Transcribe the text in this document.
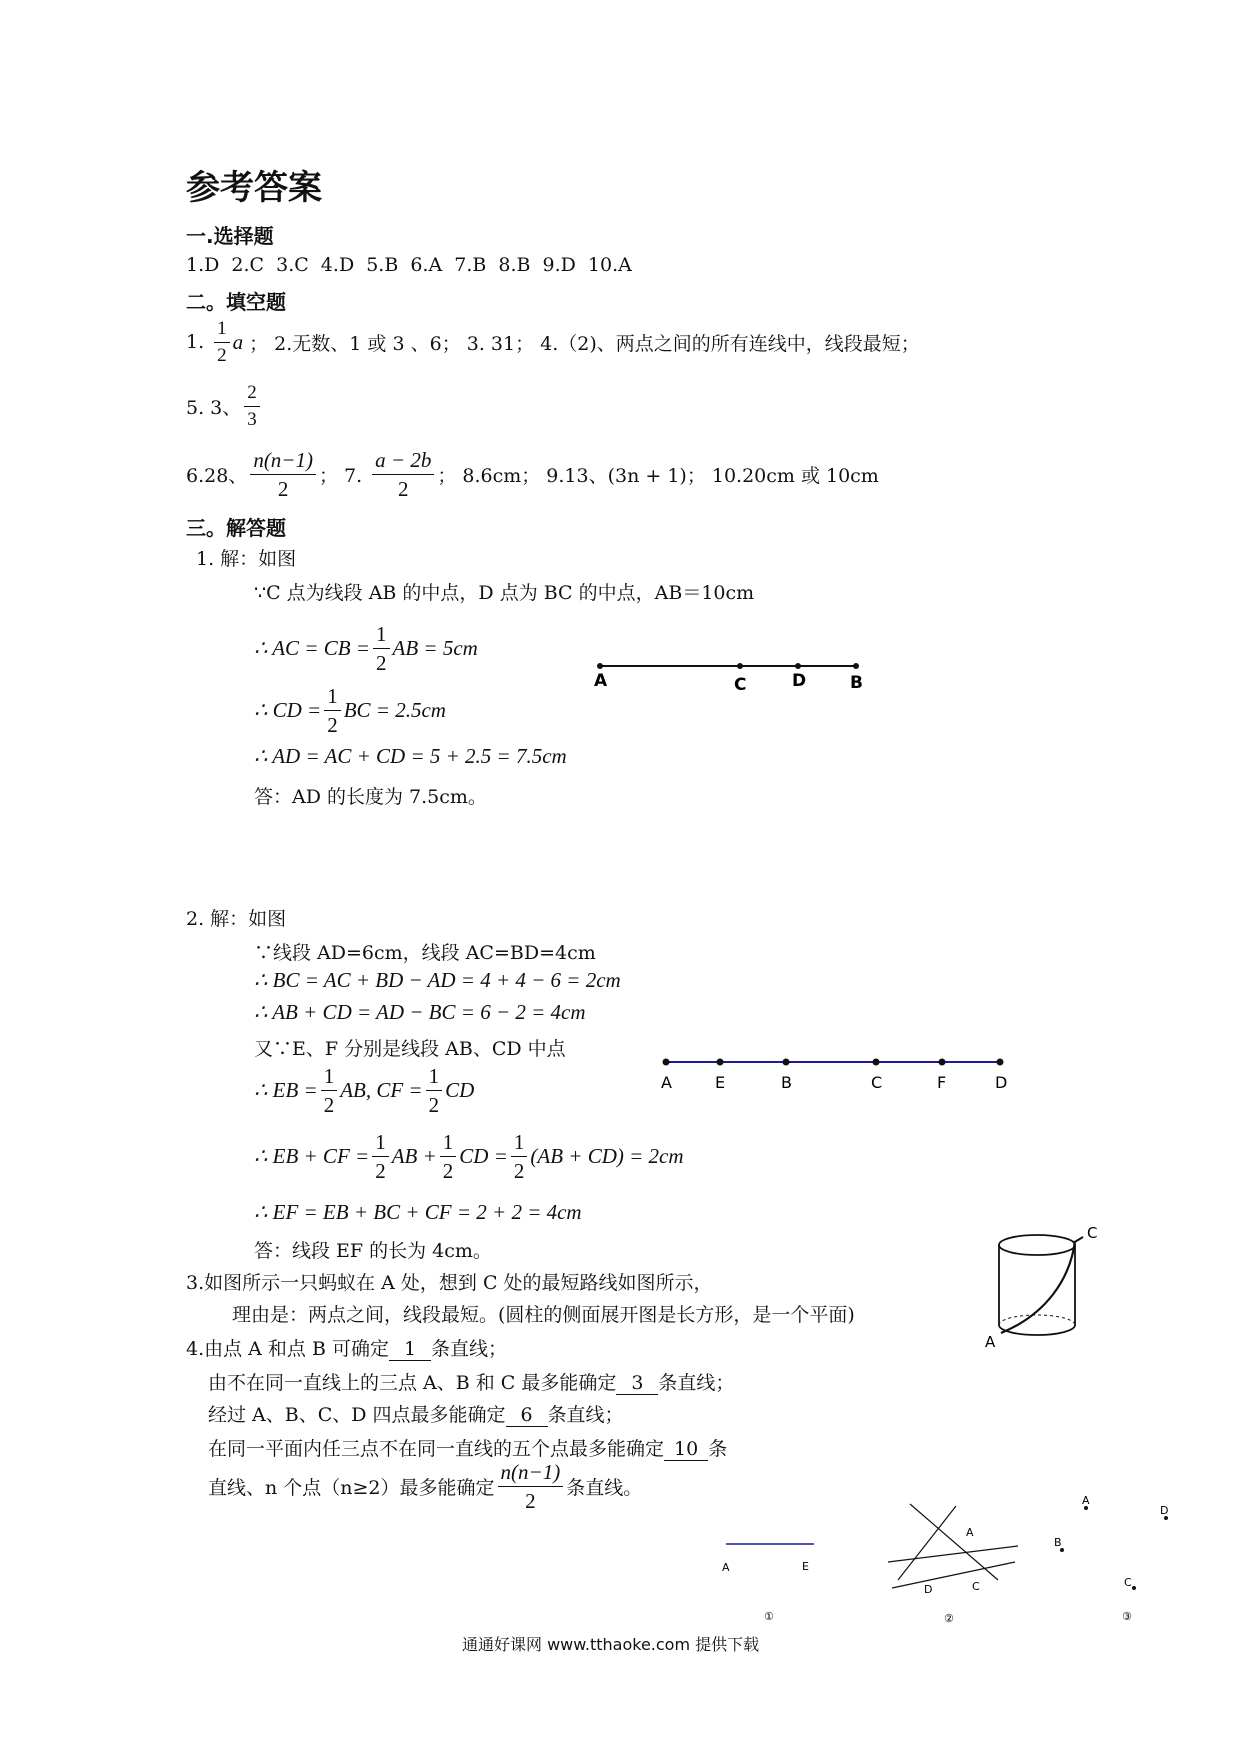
参考答案
一.选择题
1.D 2.C 3.C 4.D 5.B 6.A 7.B 8.B 9.D 10.A
二。填空题
1. $\frac{1}{2}$ a ； 2.无数、1 或 3 、6； 3. 31； 4.（2)、两点之间的所有连线中，线段最短；
5. 3、 $\frac{2}{3}$
6.28、 $\frac{n(n-1)}{2}$ ； 7. $\frac{a - 2b}{2}$ ； 8.6cm； 9.13、(3n + 1)； 10.20cm 或 10cm
三。解答题
1. 解：如图
∵C 点为线段 AB 的中点，D 点为 BC 的中点，AB＝10cm
∴ AC = CB = $\frac{1}{2}$ AB = 5cm
∴ CD = $\frac{1}{2}$ BC = 2.5cm
∴ AD = AC + CD = 5 + 2.5 = 7.5cm
答：AD 的长度为 7.5cm。
A	C	D	B
2. 解：如图
∵线段 AD=6cm，线段 AC=BD=4cm
∴ BC = AC + BD − AD = 4 + 4 − 6 = 2cm
∴ AB + CD = AD − BC = 6 − 2 = 4cm
又∵E、F 分别是线段 AB、CD 中点
∴ EB = $\frac{1}{2}$ AB, CF = $\frac{1}{2}$ CD
∴ EB + CF = $\frac{1}{2}$ AB + $\frac{1}{2}$ CD = $\frac{1}{2} (AB + CD) = 2cm$
∴ EF = EB + BC + CF = 2 + 2 = 4cm
答：线段 EF 的长为 4cm。
A	E	B	C	F	D
3.如图所示一只蚂蚁在 A 处，想到 C 处的最短路线如图所示，
理由是：两点之间，线段最短。(圆柱的侧面展开图是长方形，是一个平面)
C
A
4.由点 A 和点 B 可确定 1 条直线；
由不在同一直线上的三点 A、B 和 C 最多能确定 3 条直线；
经过 A、B、C、D 四点最多能确定 6 条直线；
在同一平面内任三点不在同一直线的五个点最多能确定 10 条
直线、n 个点（n≥2）最多能确定 $\frac{n(n-1)}{2}$ 条直线。
A	E
①
A
D	C
②
A
D
B
C
③
通通好课网 www.tthaoke.com 提供下载
